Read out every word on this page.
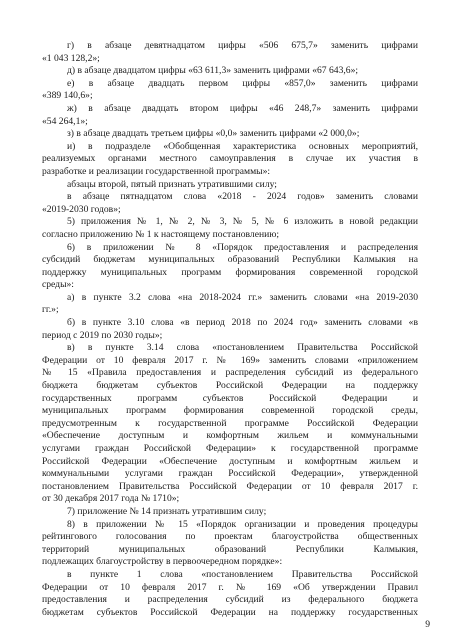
г) в абзаце девятнадцатом цифры «506 675,7» заменить цифрами
«1 043 128,2»;
д) в абзаце двадцатом цифры «63 611,3» заменить цифрами «67 643,6»;
е) в абзаце двадцать первом цифры «857,0» заменить цифрами
«389 140,6»;
ж) в абзаце двадцать втором цифры «46 248,7» заменить цифрами
«54 264,1»;
з) в абзаце двадцать третьем цифры «0,0» заменить цифрами «2 000,0»;
и) в подразделе «Обобщенная характеристика основных мероприятий,
реализуемых органами местного самоуправления в случае их участия в
разработке и реализации государственной программы»:
абзацы второй, пятый признать утратившими силу;
в абзаце пятнадцатом слова «2018 - 2024 годов» заменить словами
«2019-2030 годов»;
5) приложения № 1, № 2, № 3, № 5, № 6 изложить в новой редакции
согласно приложению № 1 к настоящему постановлению;
6) в приложении № 8 «Порядок предоставления и распределения
субсидий бюджетам муниципальных образований Республики Калмыкия на
поддержку муниципальных программ формирования современной городской
среды»:
а) в пункте 3.2 слова «на 2018-2024 гг.» заменить словами «на 2019-2030
гг.»;
б) в пункте 3.10 слова «в период 2018 по 2024 год» заменить словами «в
период с 2019 по 2030 годы»;
в) в пункте 3.14 слова «постановлением Правительства Российской
Федерации от 10 февраля 2017 г. № 169» заменить словами «приложением
№ 15 «Правила предоставления и распределения субсидий из федерального
бюджета бюджетам субъектов Российской Федерации на поддержку
государственных программ субъектов Российской Федерации и
муниципальных программ формирования современной городской среды,
предусмотренным к государственной программе Российской Федерации
«Обеспечение доступным и комфортным жильем и коммунальными
услугами граждан Российской Федерации» к государственной программе
Российской Федерации «Обеспечение доступным и комфортным жильем и
коммунальными услугами граждан Российской Федерации», утвержденной
постановлением Правительства Российской Федерации от 10 февраля 2017 г.
от 30 декабря 2017 года № 1710»;
7) приложение № 14 признать утратившим силу;
8) в приложении № 15 «Порядок организации и проведения процедуры
рейтингового голосования по проектам благоустройства общественных
территорий муниципальных образований Республики Калмыкия,
подлежащих благоустройству в первоочередном порядке»:
в пункте 1 слова «постановлением Правительства Российской
Федерации от 10 февраля 2017 г. № 169 «Об утверждении Правил
предоставления и распределения субсидий из федерального бюджета
бюджетам субъектов Российской Федерации на поддержку государственных
9
